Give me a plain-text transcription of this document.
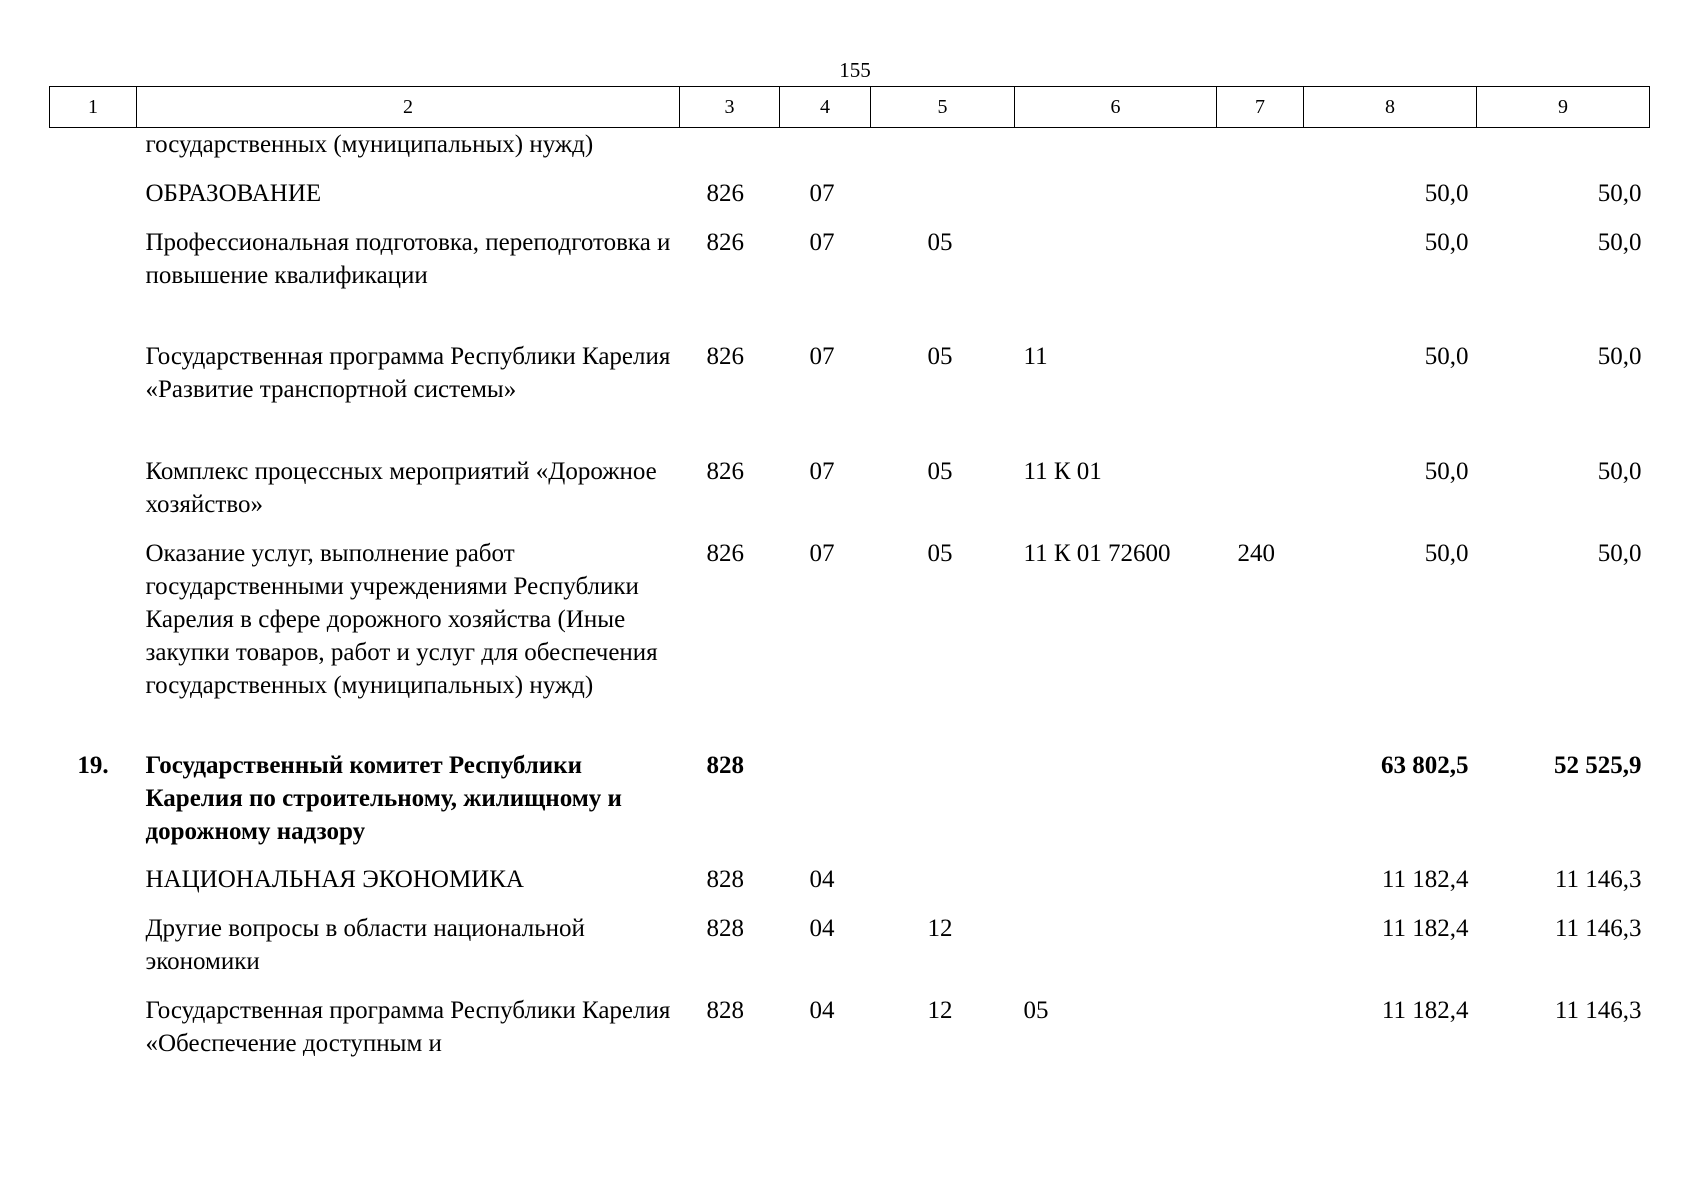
155
1	2	3	4	5	6	7	8	9
	государственных (муниципальных) нужд)							
	ОБРАЗОВАНИЕ	826	07				50,0	50,0
	Профессиональная подготовка, переподготовка и повышение квалификации	826	07	05			50,0	50,0
	Государственная программа Республики Карелия «Развитие транспортной системы»	826	07	05	11		50,0	50,0
	Комплекс процессных мероприятий «Дорожное хозяйство»	826	07	05	11 К 01		50,0	50,0
	Оказание услуг, выполнение работ государственными учреждениями Республики Карелия в сфере дорожного хозяйства (Иные закупки товаров, работ и услуг для обеспечения государственных (муниципальных) нужд)	826	07	05	11 К 01 72600	240	50,0	50,0
19.	Государственный комитет Республики Карелия по строительному, жилищному и дорожному надзору	828					63 802,5	52 525,9
	НАЦИОНАЛЬНАЯ ЭКОНОМИКА	828	04				11 182,4	11 146,3
	Другие вопросы в области национальной экономики	828	04	12			11 182,4	11 146,3
	Государственная программа Республики Карелия «Обеспечение доступным и	828	04	12	05		11 182,4	11 146,3
